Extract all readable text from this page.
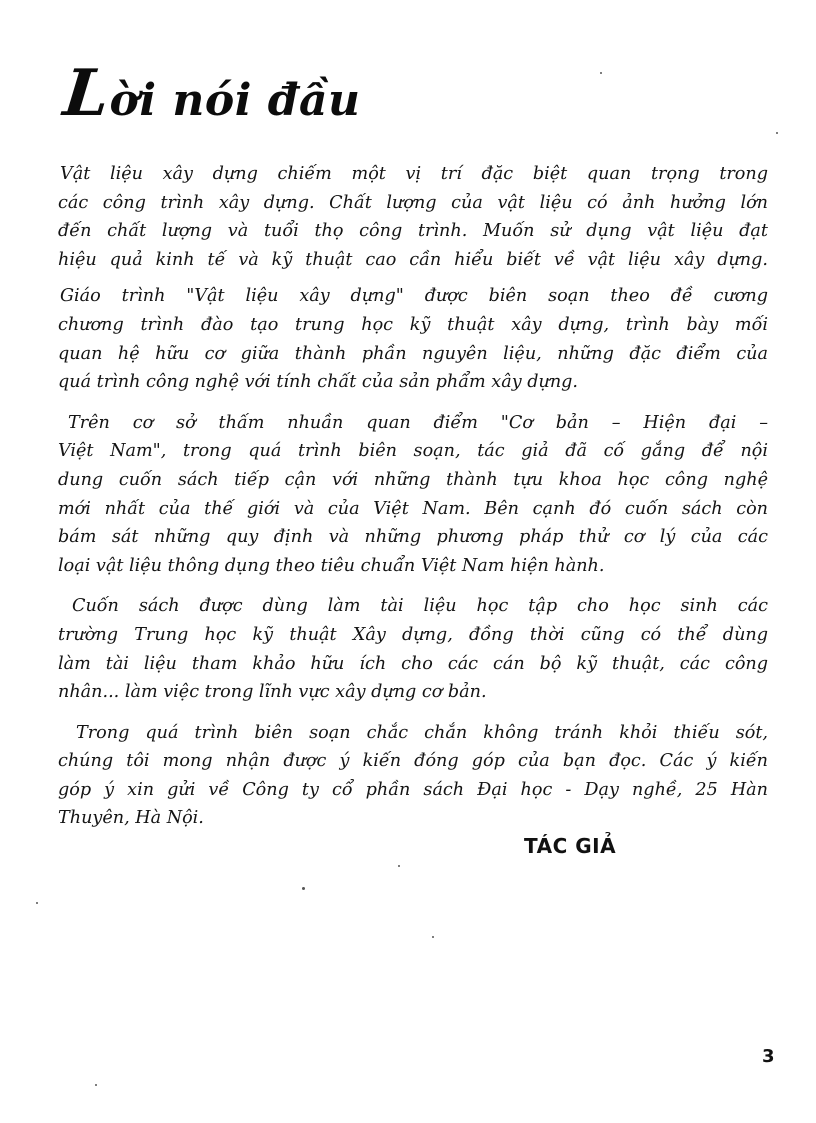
Lời nói đầu

Vật liệu xây dựng chiếm một vị trí đặc biệt quan trọng trong
các công trình xây dựng. Chất lượng của vật liệu có ảnh hưởng lớn
đến chất lượng và tuổi thọ công trình. Muốn sử dụng vật liệu đạt
hiệu quả kinh tế và kỹ thuật cao cần hiểu biết về vật liệu xây dựng.

Giáo trình "Vật liệu xây dựng" được biên soạn theo đề cương
chương trình đào tạo trung học kỹ thuật xây dựng, trình bày mối
quan hệ hữu cơ giữa thành phần nguyên liệu, những đặc điểm của
quá trình công nghệ với tính chất của sản phẩm xây dựng.

Trên cơ sở thấm nhuần quan điểm "Cơ bản – Hiện đại –
Việt Nam", trong quá trình biên soạn, tác giả đã cố gắng để nội
dung cuốn sách tiếp cận với những thành tựu khoa học công nghệ
mới nhất của thế giới và của Việt Nam. Bên cạnh đó cuốn sách còn
bám sát những quy định và những phương pháp thử cơ lý của các
loại vật liệu thông dụng theo tiêu chuẩn Việt Nam hiện hành.

Cuốn sách được dùng làm tài liệu học tập cho học sinh các
trường Trung học kỹ thuật Xây dựng, đồng thời cũng có thể dùng
làm tài liệu tham khảo hữu ích cho các cán bộ kỹ thuật, các công
nhân... làm việc trong lĩnh vực xây dựng cơ bản.

Trong quá trình biên soạn chắc chắn không tránh khỏi thiếu sót,
chúng tôi mong nhận được ý kiến đóng góp của bạn đọc. Các ý kiến
góp ý xin gửi về Công ty cổ phần sách Đại học - Dạy nghề, 25 Hàn
Thuyên, Hà Nội.

TÁC GIẢ
3
